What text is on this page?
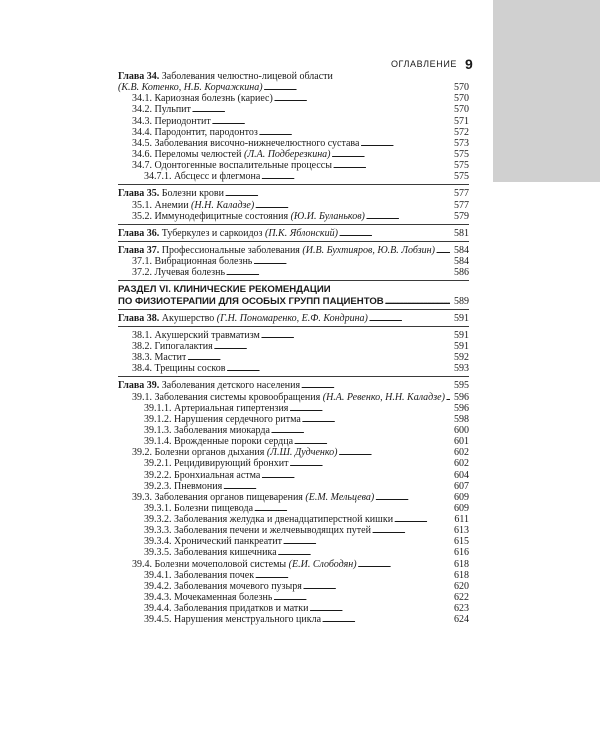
ОГЛАВЛЕНИЕ 9
Глава 34. Заболевания челюстно-лицевой области
(К.В. Котенко, Н.Б. Корчажкина) . . .	570
34.1. Кариозная болезнь (кариес) . . .	570
34.2. Пульпит . . .	570
34.3. Периодонтит . . .	571
34.4. Пародонтит, пародонтоз . . .	572
34.5. Заболевания височно-нижнечелюстного сустава . . .	573
34.6. Переломы челюстей (Л.А. Подберезкина) . . .	575
34.7. Одонтогенные воспалительные процессы . . .	575
34.7.1. Абсцесс и флегмона . . .	575
Глава 35. Болезни крови . . .	577
35.1. Анемии (Н.Н. Каладзе) . . .	577
35.2. Иммунодефицитные состояния (Ю.И. Буланьков) . . .	579
Глава 36. Туберкулез и саркоидоз (П.К. Яблонский) . . .	581
Глава 37. Профессиональные заболевания (И.В. Бухтияров, Ю.В. Лобзин) . . .	584
37.1. Вибрационная болезнь . . .	584
37.2. Лучевая болезнь . . .	586
РАЗДЕЛ VI. КЛИНИЧЕСКИЕ РЕКОМЕНДАЦИИ
ПО ФИЗИОТЕРАПИИ ДЛЯ ОСОБЫХ ГРУПП ПАЦИЕНТОВ . . .	589
Глава 38. Акушерство (Г.Н. Пономаренко, Е.Ф. Кондрина) . . .	591
38.1. Акушерский травматизм . . .	591
38.2. Гипогалактия . . .	591
38.3. Мастит . . .	592
38.4. Трещины сосков . . .	593
Глава 39. Заболевания детского населения . . .	595
39.1. Заболевания системы кровообращения (Н.А. Ревенко, Н.Н. Каладзе) . . . 596
39.1.1. Артериальная гипертензия . . .	596
39.1.2. Нарушения сердечного ритма . . .	598
39.1.3. Заболевания миокарда . . .	600
39.1.4. Врожденные пороки сердца . . .	601
39.2. Болезни органов дыхания (Л.Ш. Дудченко) . . .	602
39.2.1. Рецидивирующий бронхит . . .	602
39.2.2. Бронхиальная астма . . .	604
39.2.3. Пневмония . . .	607
39.3. Заболевания органов пищеварения (Е.М. Мельцева) . . .	609
39.3.1. Болезни пищевода . . .	609
39.3.2. Заболевания желудка и двенадцатиперстной кишки . . .	611
39.3.3. Заболевания печени и желчевыводящих путей . . .	613
39.3.4. Хронический панкреатит . . .	615
39.3.5. Заболевания кишечника . . .	616
39.4. Болезни мочеполовой системы (Е.И. Слободян) . . .	618
39.4.1. Заболевания почек . . .	618
39.4.2. Заболевания мочевого пузыря . . .	620
39.4.3. Мочекаменная болезнь . . .	622
39.4.4. Заболевания придатков и матки . . .	623
39.4.5. Нарушения менструального цикла . . .	624
